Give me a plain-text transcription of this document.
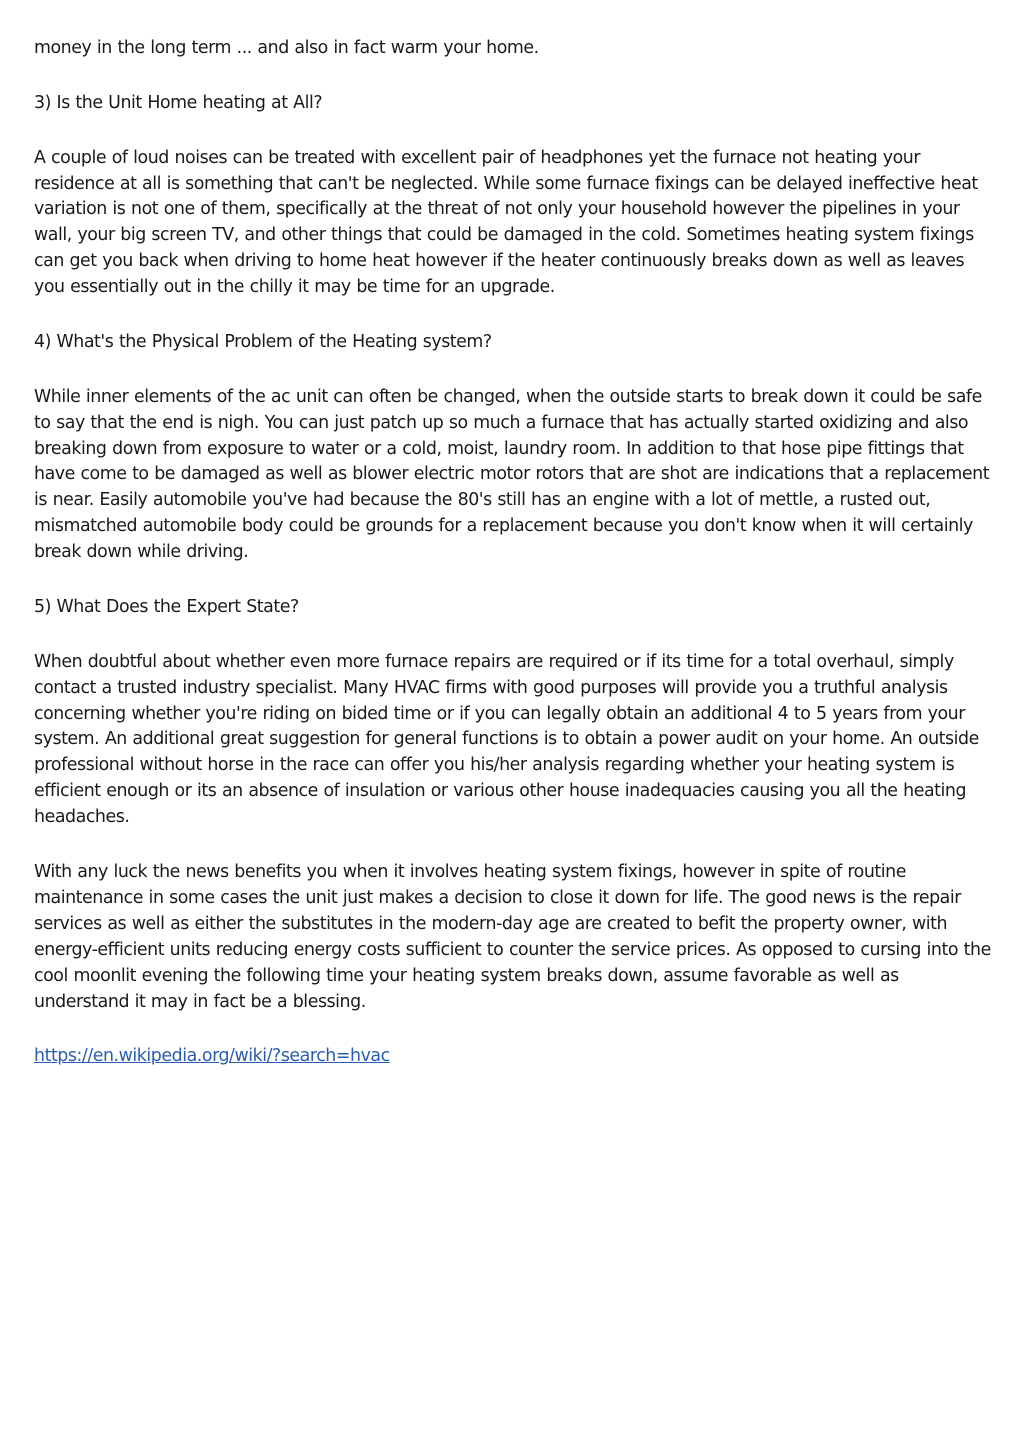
money in the long term ... and also in fact warm your home.

3) Is the Unit Home heating at All?

A couple of loud noises can be treated with excellent pair of headphones yet the furnace not heating your residence at all is something that can't be neglected. While some furnace fixings can be delayed ineffective heat variation is not one of them, specifically at the threat of not only your household however the pipelines in your wall, your big screen TV, and other things that could be damaged in the cold. Sometimes heating system fixings can get you back when driving to home heat however if the heater continuously breaks down as well as leaves you essentially out in the chilly it may be time for an upgrade.

4) What's the Physical Problem of the Heating system?

While inner elements of the ac unit can often be changed, when the outside starts to break down it could be safe to say that the end is nigh. You can just patch up so much a furnace that has actually started oxidizing and also breaking down from exposure to water or a cold, moist, laundry room. In addition to that hose pipe fittings that have come to be damaged as well as blower electric motor rotors that are shot are indications that a replacement is near. Easily automobile you've had because the 80's still has an engine with a lot of mettle, a rusted out, mismatched automobile body could be grounds for a replacement because you don't know when it will certainly break down while driving.

5) What Does the Expert State?

When doubtful about whether even more furnace repairs are required or if its time for a total overhaul, simply contact a trusted industry specialist. Many HVAC firms with good purposes will provide you a truthful analysis concerning whether you're riding on bided time or if you can legally obtain an additional 4 to 5 years from your system. An additional great suggestion for general functions is to obtain a power audit on your home. An outside professional without horse in the race can offer you his/her analysis regarding whether your heating system is efficient enough or its an absence of insulation or various other house inadequacies causing you all the heating headaches.

With any luck the news benefits you when it involves heating system fixings, however in spite of routine maintenance in some cases the unit just makes a decision to close it down for life. The good news is the repair services as well as either the substitutes in the modern-day age are created to befit the property owner, with energy-efficient units reducing energy costs sufficient to counter the service prices. As opposed to cursing into the cool moonlit evening the following time your heating system breaks down, assume favorable as well as understand it may in fact be a blessing.

https://en.wikipedia.org/wiki/?search=hvac
